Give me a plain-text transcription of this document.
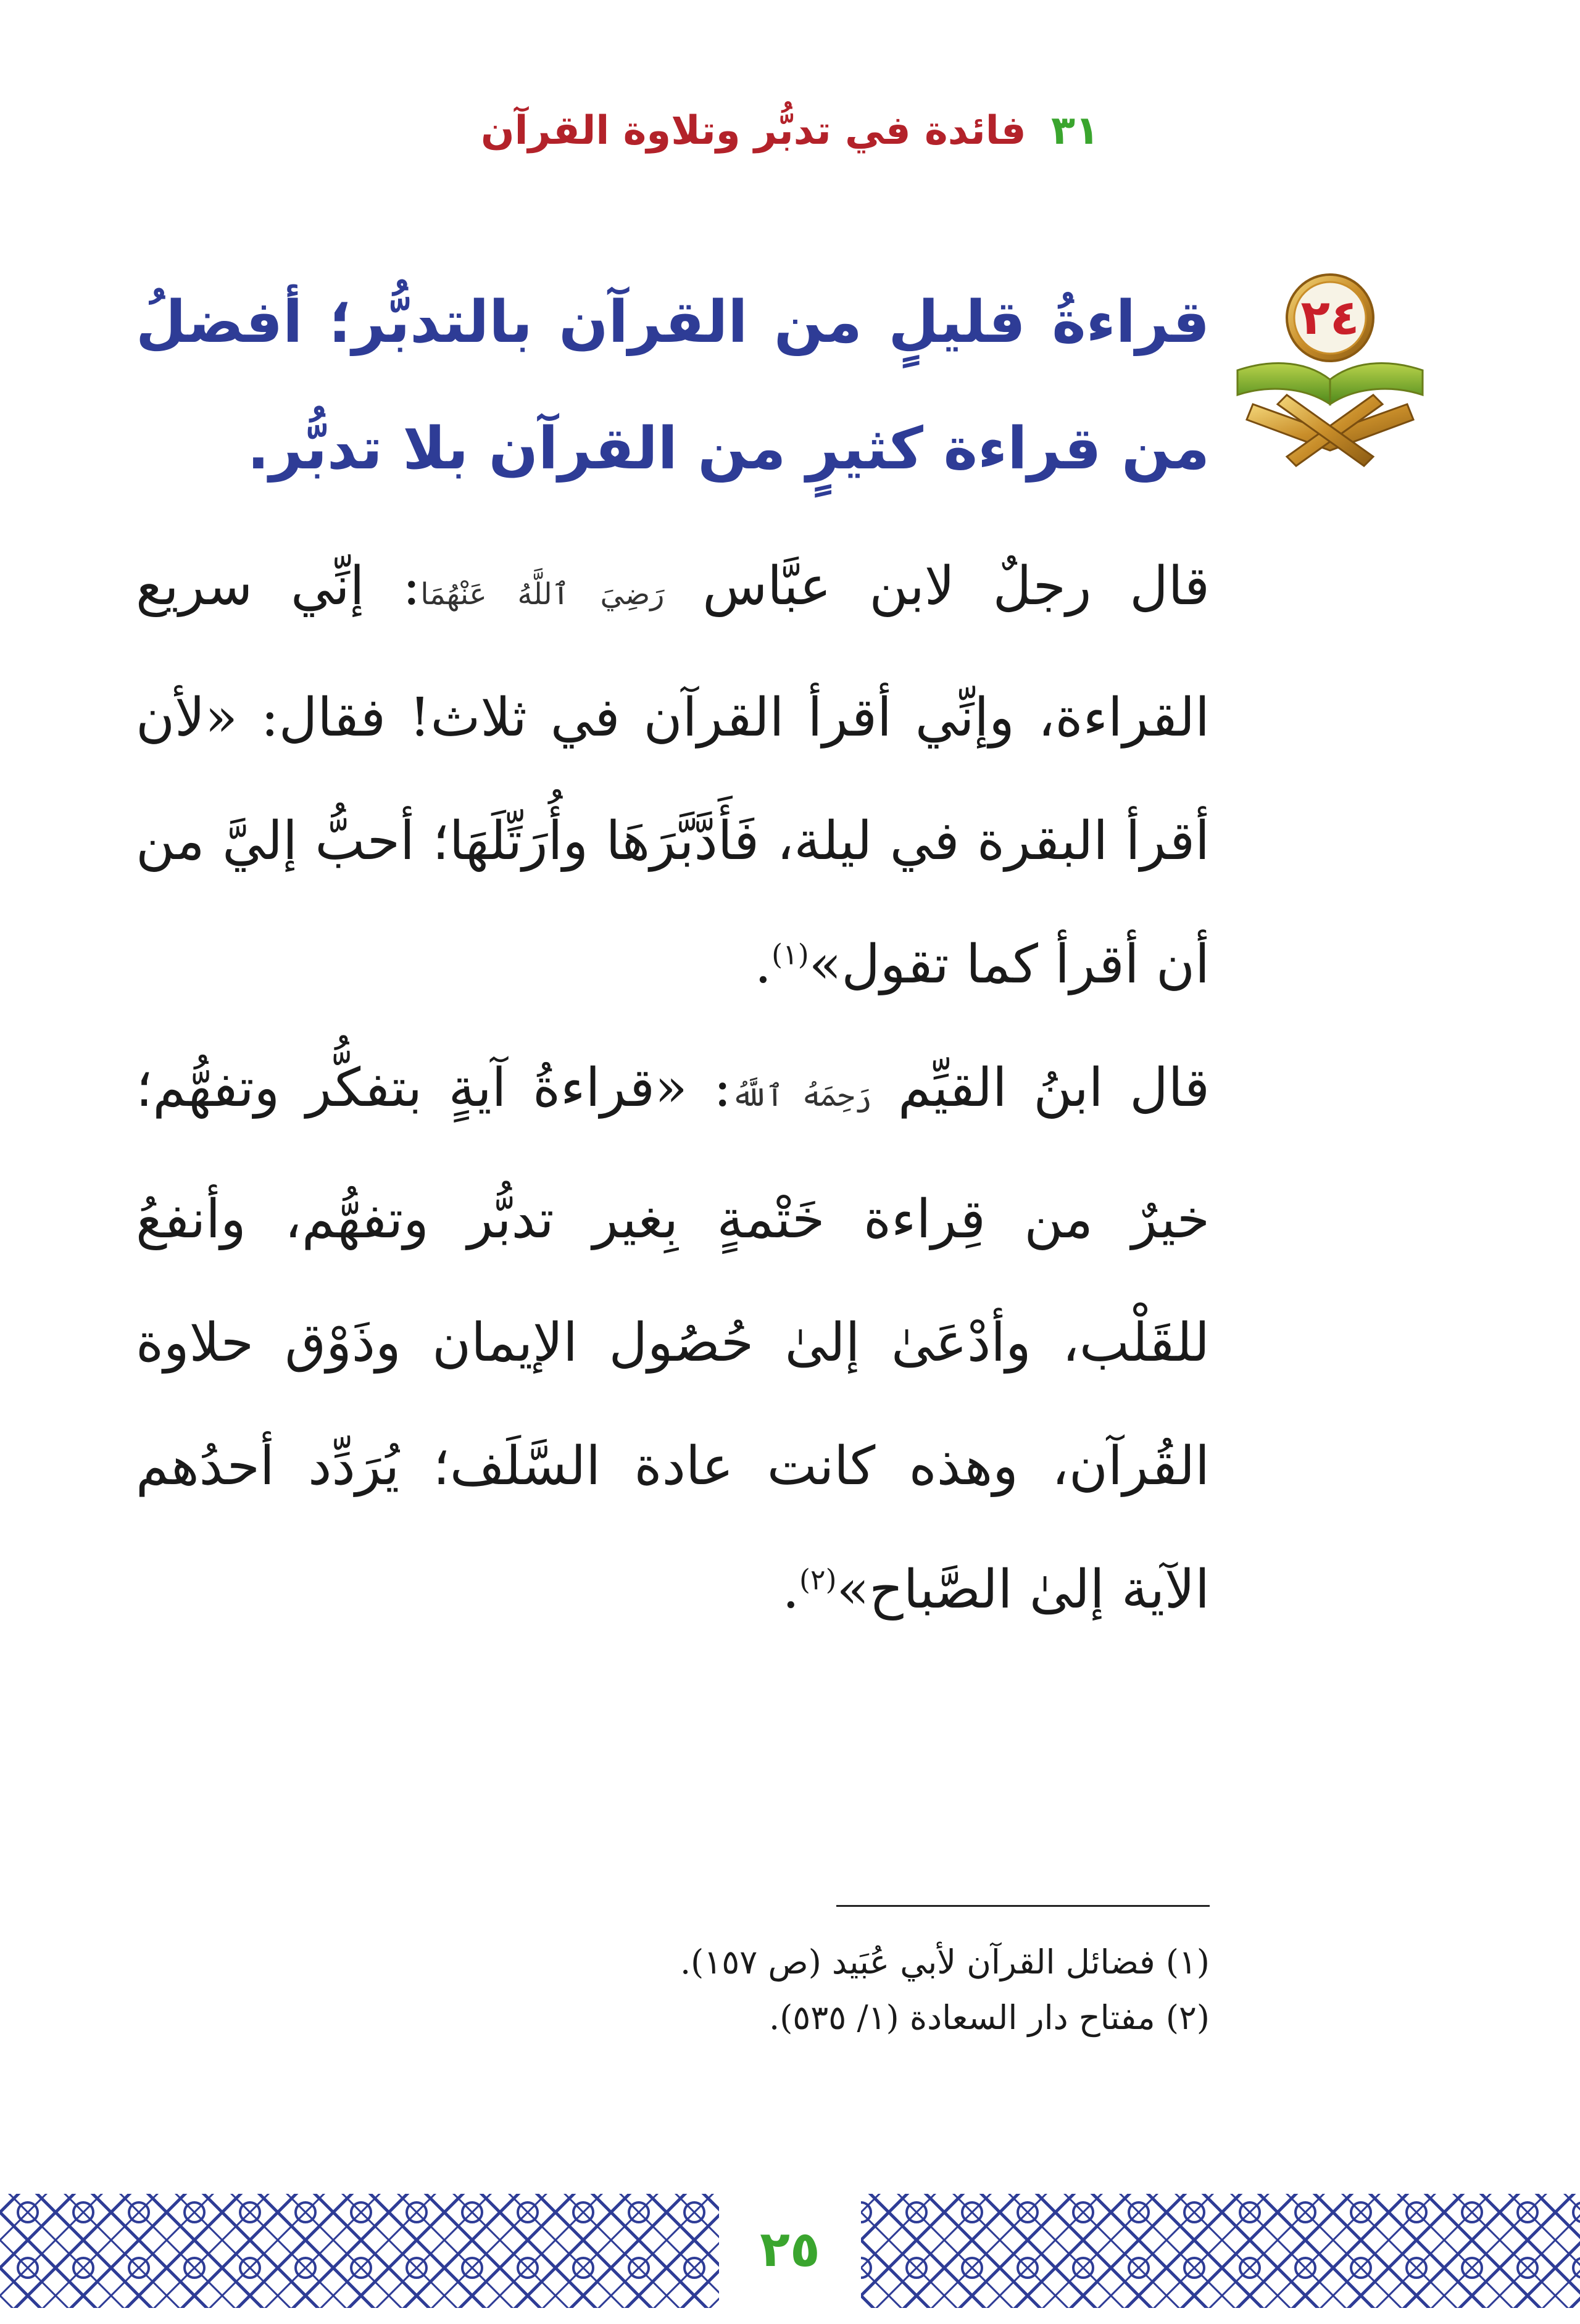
٣١ فائدة في تدبُّر وتلاوة القرآن
٢٤
قراءةُ قليلٍ من القرآن بالتدبُّر؛ أفضلُ من قراءة كثيرٍ من القرآن بلا تدبُّر.

قال رجلٌ لابن عبَّاس رَضِيَ ٱللَّهُ عَنْهُمَا: إنِّي سريع القراءة، وإنِّي أقرأ القرآن في ثلاث! فقال: «لأن أقرأ البقرة في ليلة، فَأَدَّبَّرَهَا وأُرَتِّلَهَا؛ أحبُّ إليَّ من أن أقرأ كما تقول»$^{(١)}$.

قال ابنُ القيِّم رَحِمَهُ ٱللَّهُ: «قراءةُ آيةٍ بتفكُّر وتفهُّم؛ خيرٌ من قِراءة خَتْمةٍ بِغير تدبُّر وتفهُّم، وأنفعُ للقَلْب، وأدْعَىٰ إلىٰ حُصُول الإيمان وذَوْق حلاوة القُرآن، وهذه كانت عادة السَّلَف؛ يُرَدِّد أحدُهم الآية إلىٰ الصَّباح»$^{(٢)}$.

(١) فضائل القرآن لأبي عُبَيد (ص ١٥٧).
(٢) مفتاح دار السعادة (١/ ٥٣٥).
٢٥
